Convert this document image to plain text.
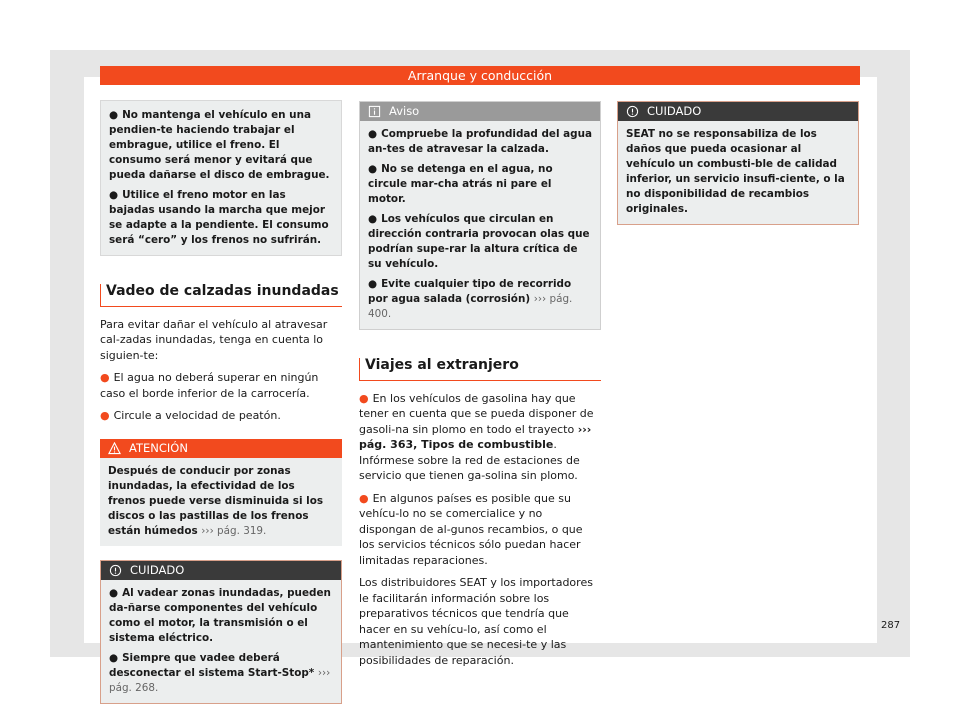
Arranque y conducción

● No mantenga el vehículo en una pendien-te haciendo trabajar el embrague, utilice el freno. El consumo será menor y evitará que pueda dañarse el disco de embrague.

● Utilice el freno motor en las bajadas usando la marcha que mejor se adapte a la pendiente. El consumo será “cero” y los frenos no sufrirán.

Vadeo de calzadas inundadas

Para evitar dañar el vehículo al atravesar cal-zadas inundadas, tenga en cuenta lo siguien-te:

● El agua no deberá superar en ningún caso el borde inferior de la carrocería.

● Circule a velocidad de peatón.

ATENCIÓN

Después de conducir por zonas inundadas, la efectividad de los frenos puede verse disminuida si los discos o las pastillas de los frenos están húmedos ››› pág. 319.

CUIDADO

● Al vadear zonas inundadas, pueden da-ñarse componentes del vehículo como el motor, la transmisión o el sistema eléctrico.

● Siempre que vadee deberá desconectar el sistema Start-Stop* ››› pág. 268.

Aviso

● Compruebe la profundidad del agua an-tes de atravesar la calzada.

● No se detenga en el agua, no circule mar-cha atrás ni pare el motor.

● Los vehículos que circulan en dirección contraria provocan olas que podrían supe-rar la altura crítica de su vehículo.

● Evite cualquier tipo de recorrido por agua salada (corrosión) ››› pág. 400.

Viajes al extranjero

● En los vehículos de gasolina hay que tener en cuenta que se pueda disponer de gasoli-na sin plomo en todo el trayecto ››› pág. 363, Tipos de combustible. Infórmese sobre la red de estaciones de servicio que tienen ga-solina sin plomo.

● En algunos países es posible que su vehícu-lo no se comercialice y no dispongan de al-gunos recambios, o que los servicios técnicos sólo puedan hacer limitadas reparaciones.

Los distribuidores SEAT y los importadores le facilitarán información sobre los preparativos técnicos que tendría que hacer en su vehícu-lo, así como el mantenimiento que se necesi-te y las posibilidades de reparación.

CUIDADO

SEAT no se responsabiliza de los daños que pueda ocasionar al vehículo un combusti-ble de calidad inferior, un servicio insufi-ciente, o la no disponibilidad de recambios originales.

287
